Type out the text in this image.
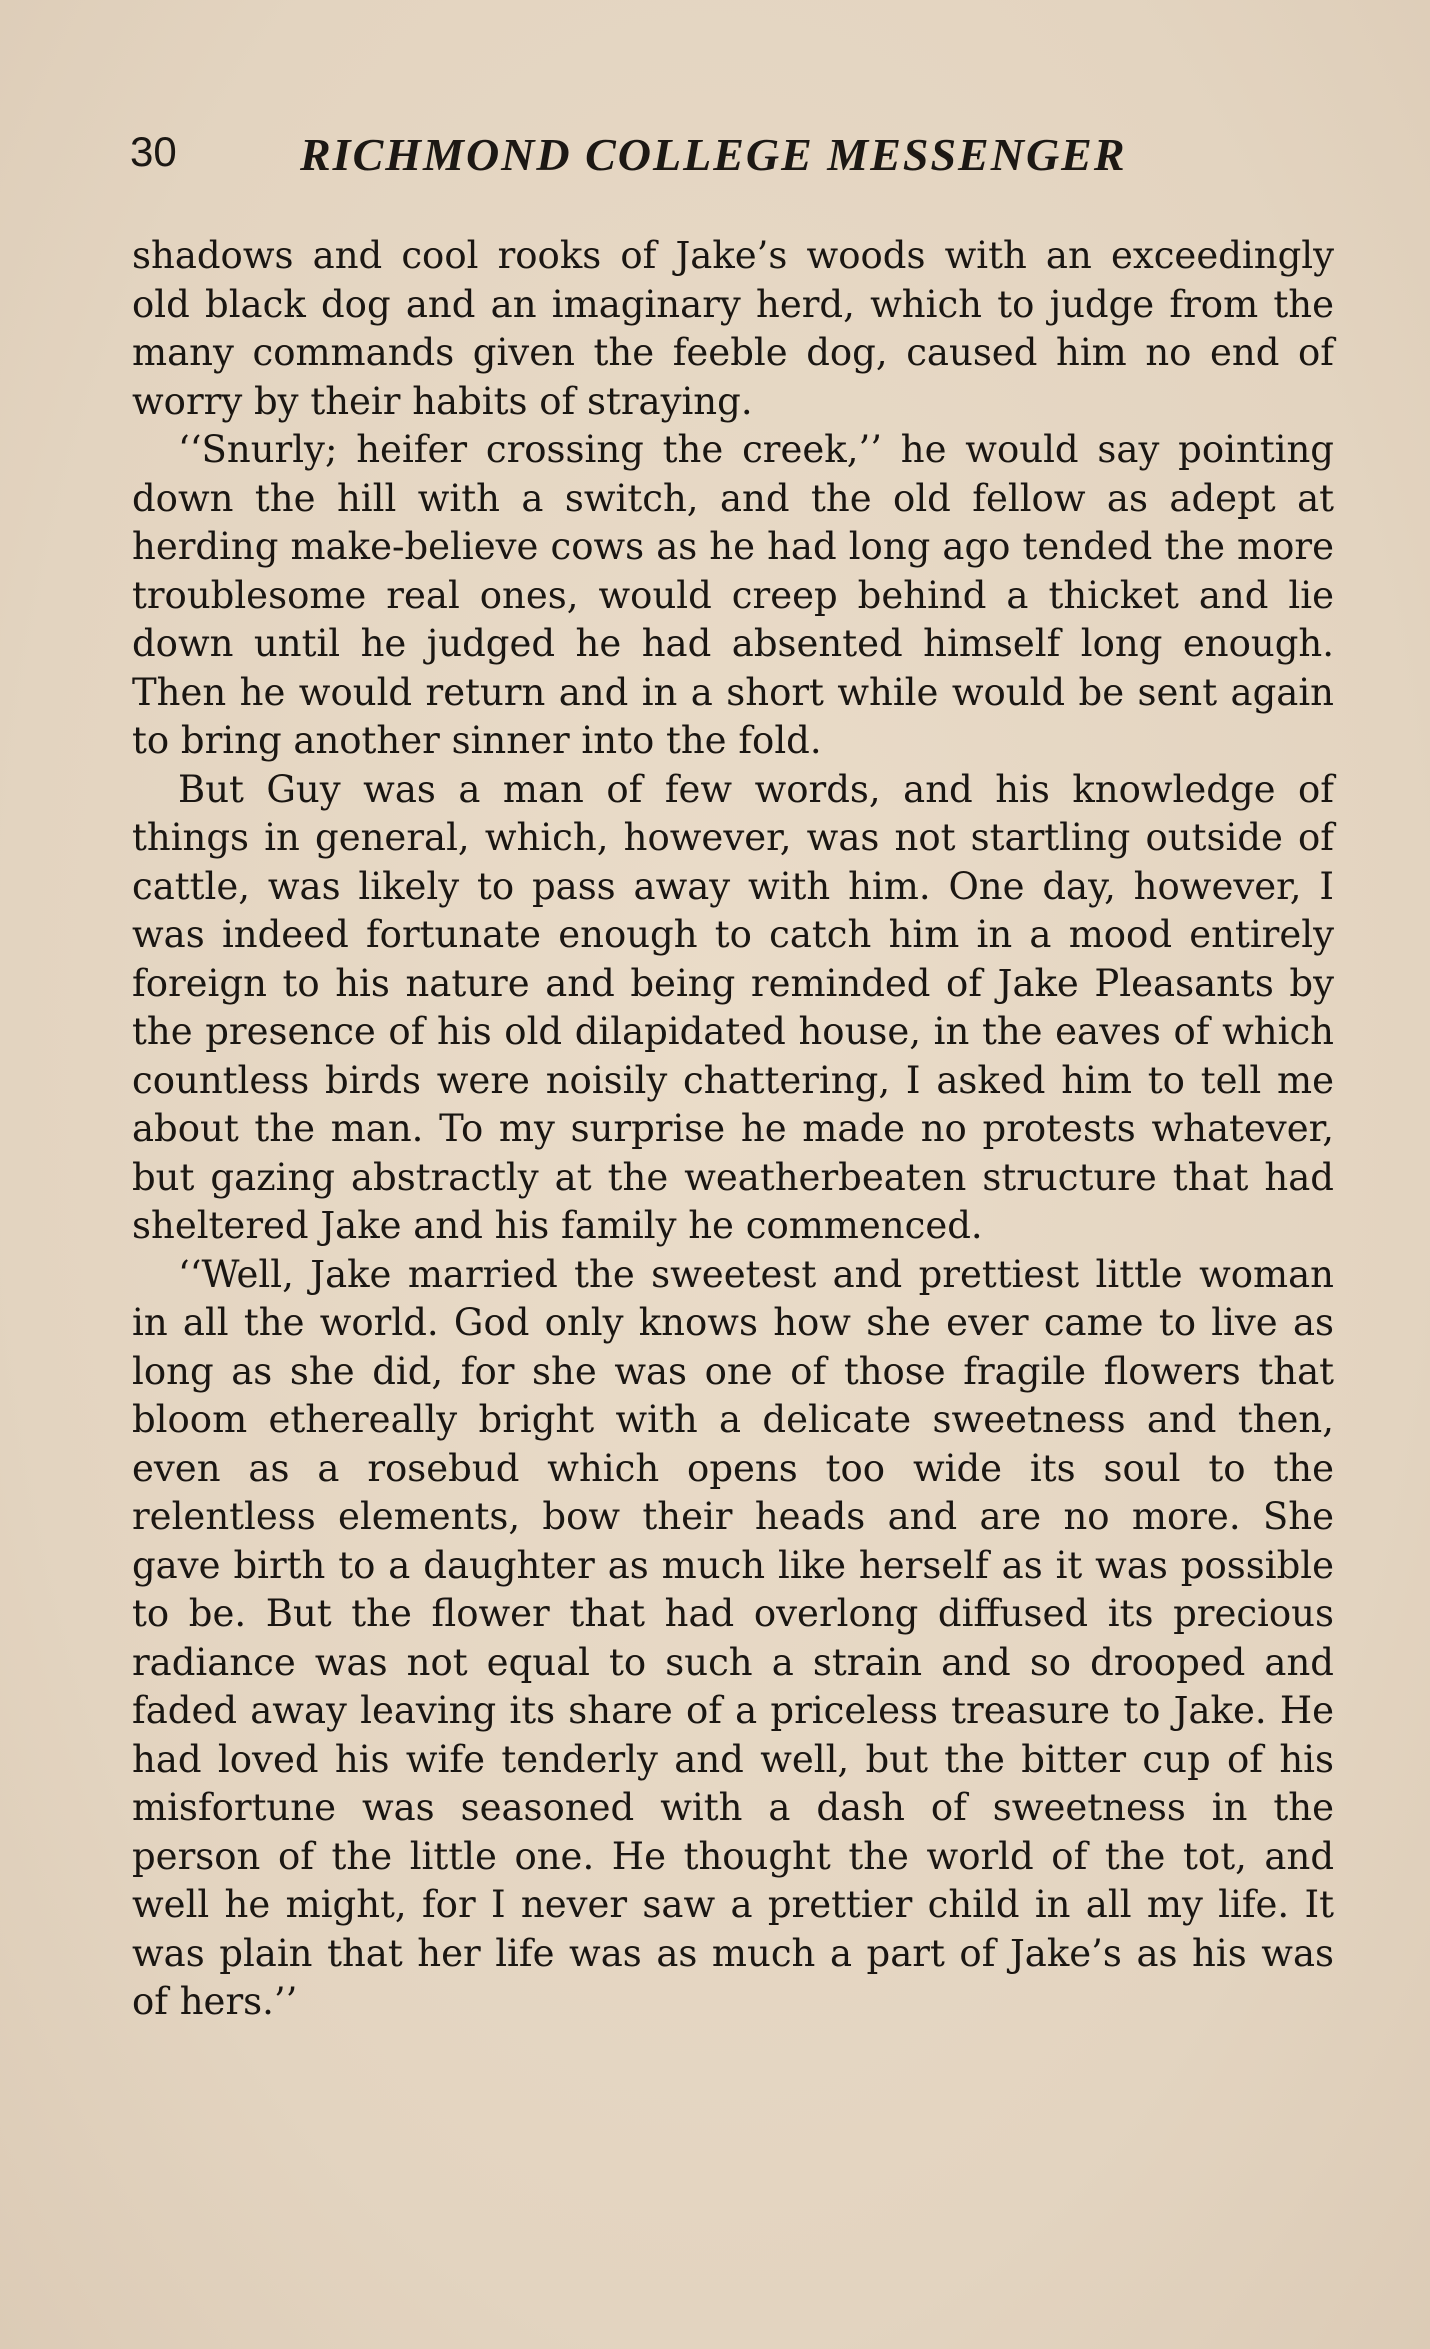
30	RICHMOND COLLEGE MESSENGER

shadows and cool rooks of Jake’s woods with an exceedingly old black dog and an imaginary herd, which to judge from the many commands given the feeble dog, caused him no end of worry by their habits of straying.

‘‘Snurly; heifer crossing the creek,’’ he would say pointing down the hill with a switch, and the old fellow as adept at herding make-believe cows as he had long ago tended the more troublesome real ones, would creep behind a thicket and lie down until he judged he had absented himself long enough. Then he would return and in a short while would be sent again to bring another sinner into the fold.

But Guy was a man of few words, and his knowledge of things in general, which, however, was not startling outside of cattle, was likely to pass away with him. One day, however, I was indeed fortunate enough to catch him in a mood entirely foreign to his nature and being reminded of Jake Pleasants by the presence of his old dilapidated house, in the eaves of which countless birds were noisily chattering, I asked him to tell me about the man. To my surprise he made no protests whatever, but gazing abstractly at the weatherbeaten structure that had sheltered Jake and his family he commenced.

‘‘Well, Jake married the sweetest and prettiest little woman in all the world. God only knows how she ever came to live as long as she did, for she was one of those fragile flowers that bloom ethereally bright with a delicate sweetness and then, even as a rosebud which opens too wide its soul to the relentless elements, bow their heads and are no more. She gave birth to a daughter as much like herself as it was possible to be. But the flower that had overlong diffused its precious radiance was not equal to such a strain and so drooped and faded away leaving its share of a priceless treasure to Jake. He had loved his wife tenderly and well, but the bitter cup of his misfortune was seasoned with a dash of sweetness in the person of the little one. He thought the world of the tot, and well he might, for I never saw a prettier child in all my life. It was plain that her life was as much a part of Jake’s as his was of hers.’’
